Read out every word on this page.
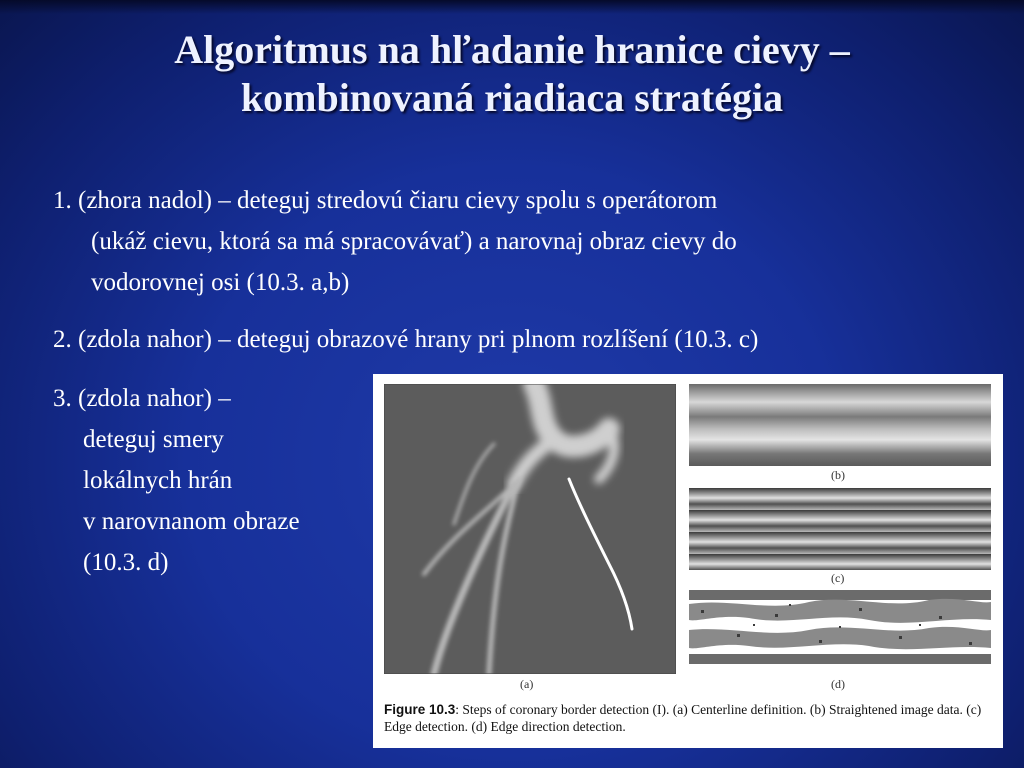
Algoritmus na hľadanie hranice cievy –
kombinovaná riadiaca stratégia
1. (zhora nadol) – deteguj stredovú čiaru cievy spolu s operátorom
(ukáž cievu, ktorá sa má spracovávať) a narovnaj obraz cievy do
vodorovnej osi (10.3. a,b)
2. (zdola nahor) – deteguj obrazové hrany pri plnom rozlíšení (10.3. c)
3. (zdola nahor) –
deteguj smery
lokálnych hrán
v narovnanom obraze
(10.3. d)
(a)
(b)
(c)
(d)
Figure 10.3: Steps of coronary border detection (I). (a) Centerline definition. (b) Straightened image data. (c) Edge detection. (d) Edge direction detection.
